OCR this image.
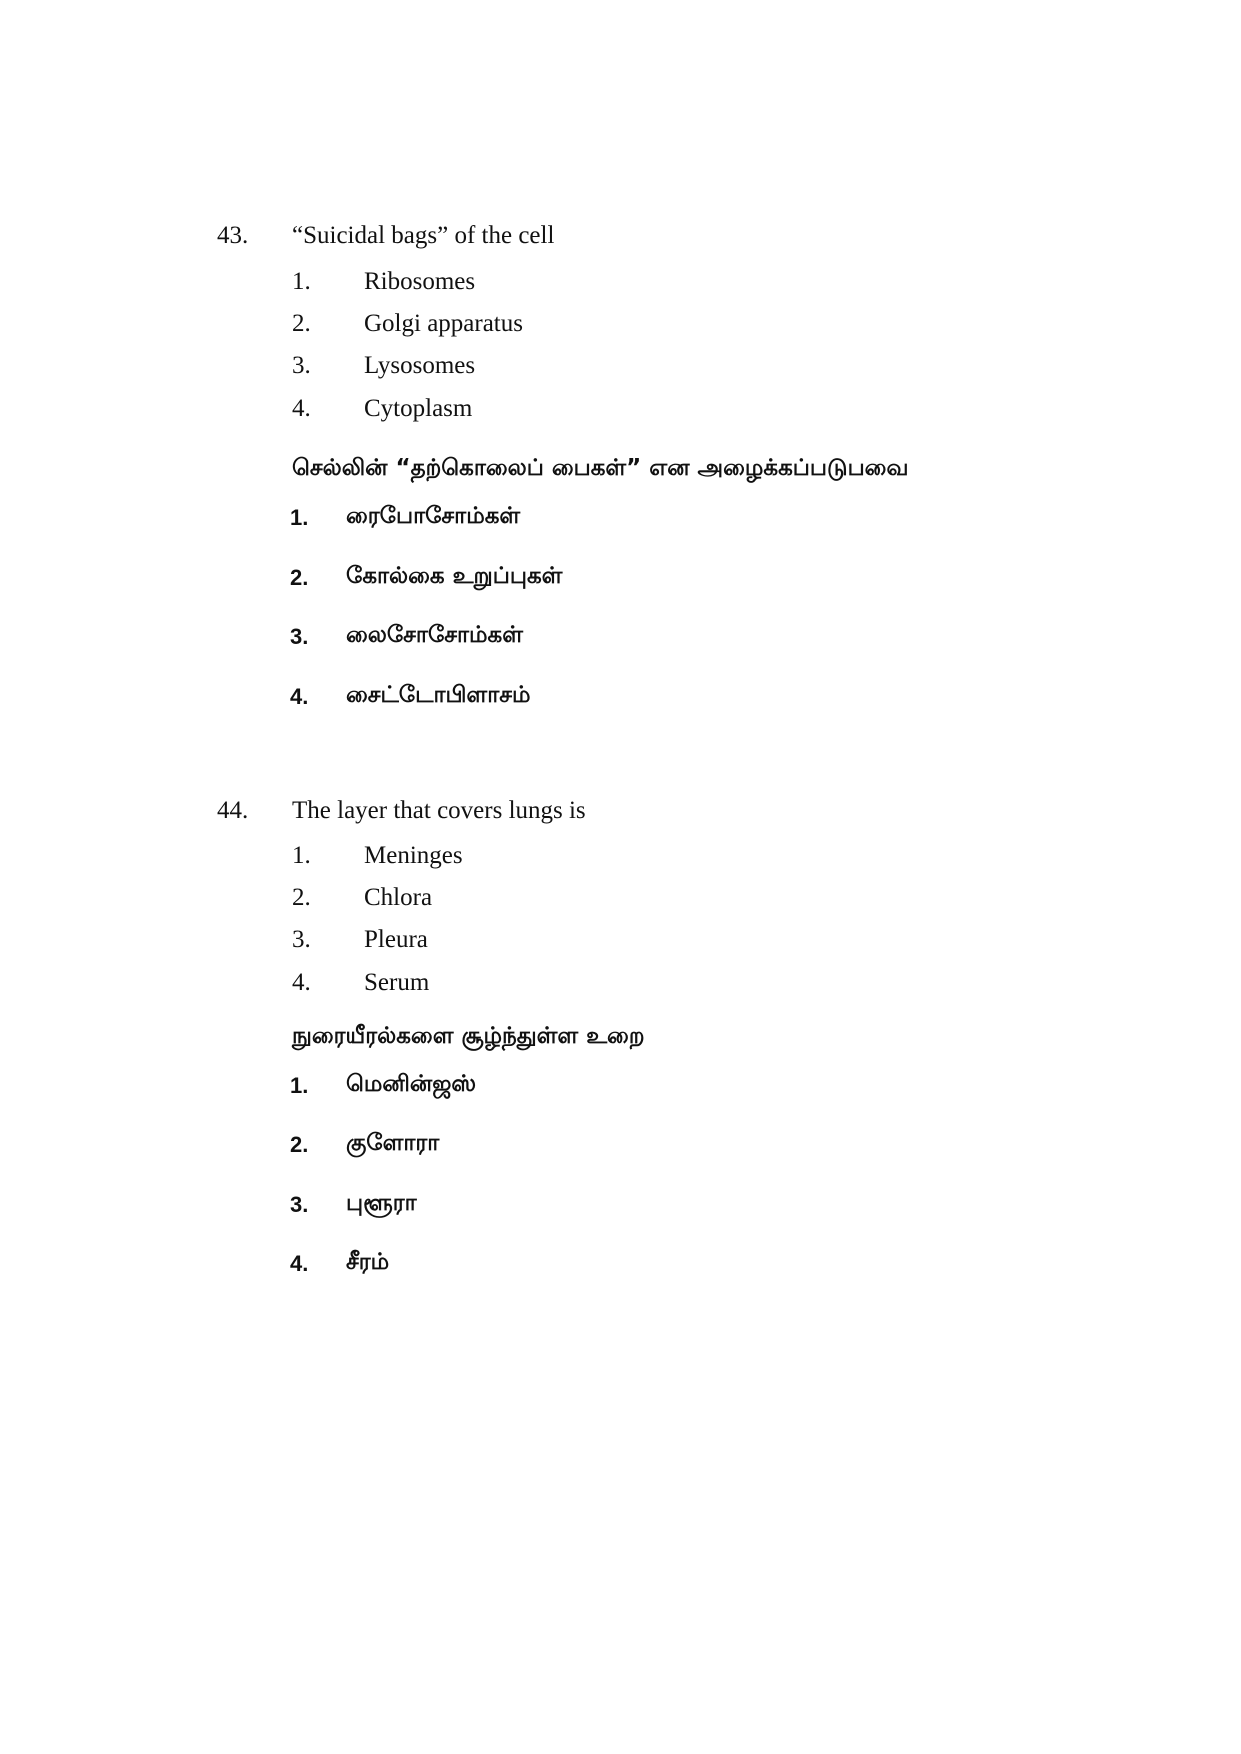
43. “Suicidal bags” of the cell
1. Ribosomes
2. Golgi apparatus
3. Lysosomes
4. Cytoplasm
செல்லின் “தற்கொலைப் பைகள்” என அழைக்கப்படுபவை
1. ரைபோசோம்கள்
2. கோல்கை உறுப்புகள்
3. லைசோசோம்கள்
4. சைட்டோபிளாசம்
44. The layer that covers lungs is
1. Meninges
2. Chlora
3. Pleura
4. Serum
நுரையீரல்களை சூழ்ந்துள்ள உறை
1. மெனின்ஜஸ்
2. குளோரா
3. புளூரா
4. சீரம்
